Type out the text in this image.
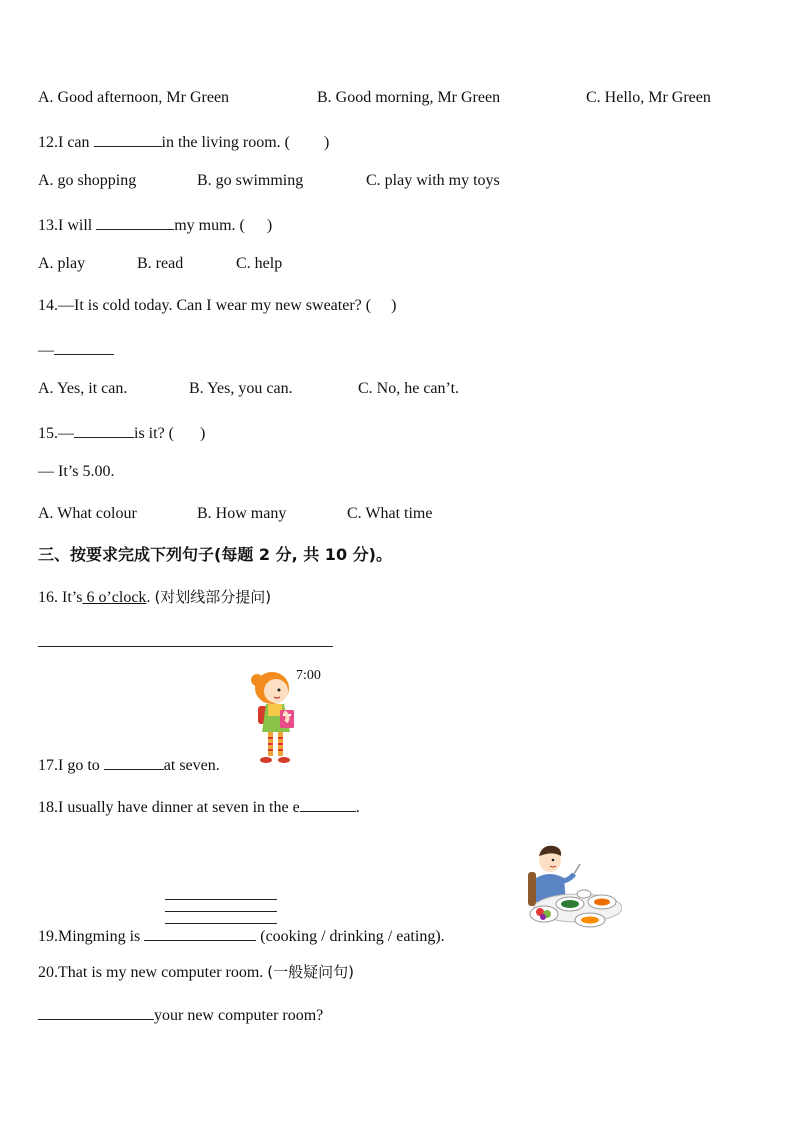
A. Good afternoon, Mr Green	B. Good morning, Mr Green	C. Hello, Mr Green
12.I can	in the living room. ( )
A. go shopping	B. go swimming	C. play with my toys
13.I will	my mum. ( )
A. play	B. read	C. help
14.—It is cold today. Can I wear my new sweater? ( )
—
A. Yes, it can.	B. Yes, you can.	C. No, he can’t.
15.—	is it? ( )
— It’s 5.00.
A. What colour	B. How many	C. What time
三、按要求完成下列句子(每题 2 分, 共 10 分)。
16. It’s 6 o’clock. (对划线部分提问)
7:00
17.I go to	at seven.
18.I usually have dinner at seven in the e	.
19.Mingming is	(cooking / drinking / eating).
20.That is my new computer room. (一般疑问句)
your new computer room?
